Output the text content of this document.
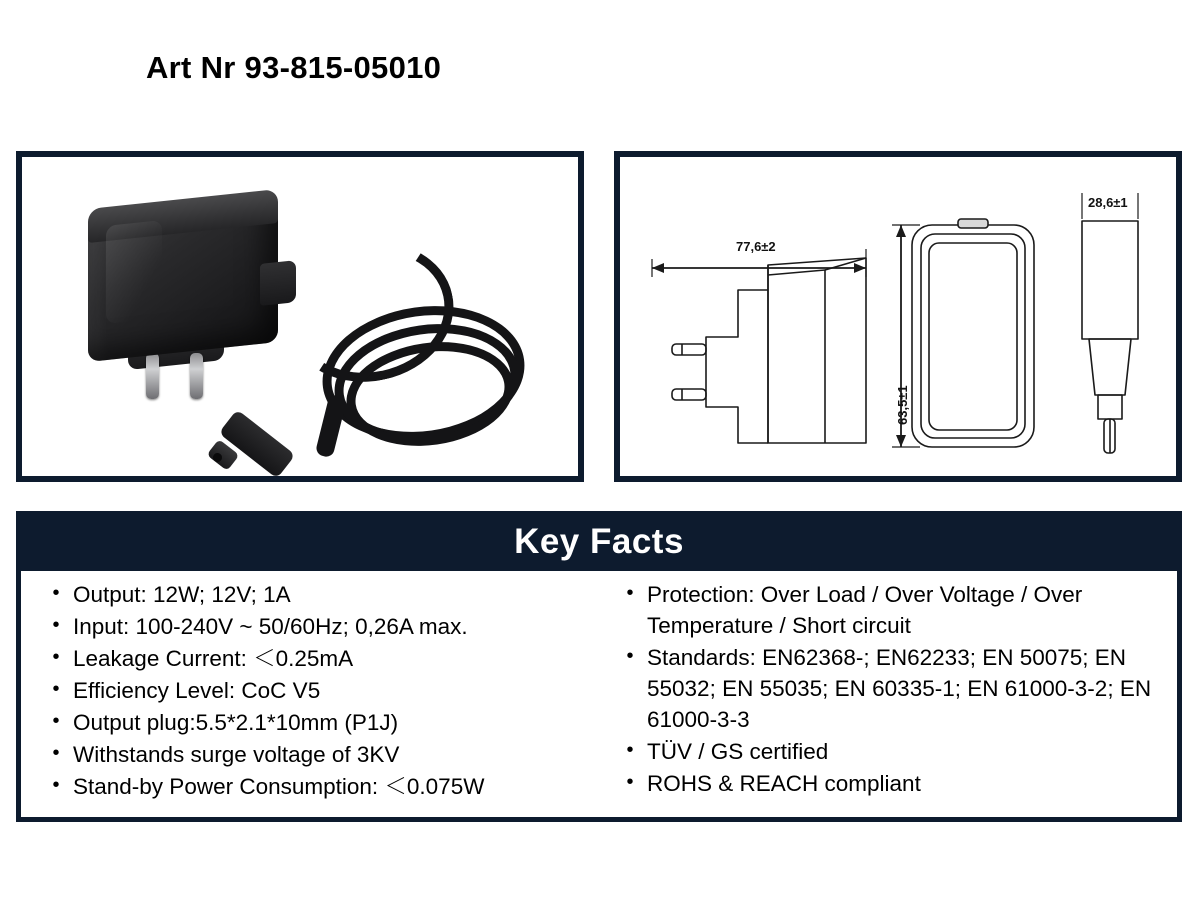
Art Nr 93-815-05010
77,6±2
63,5±1
28,6±1
Key Facts
• Output: 12W; 12V; 1A
• Input: 100-240V ~ 50/60Hz; 0,26A max.
• Leakage Current: ＜0.25mA
• Efficiency Level: CoC V5
• Output plug:5.5*2.1*10mm (P1J)
• Withstands surge voltage of 3KV
• Stand-by Power Consumption: ＜0.075W
• Protection: Over Load / Over Voltage / Over Temperature / Short circuit
• Standards: EN62368-; EN62233; EN 50075; EN 55032; EN 55035; EN 60335-1; EN 61000-3-2; EN 61000-3-3
• TÜV / GS certified
• ROHS & REACH compliant
